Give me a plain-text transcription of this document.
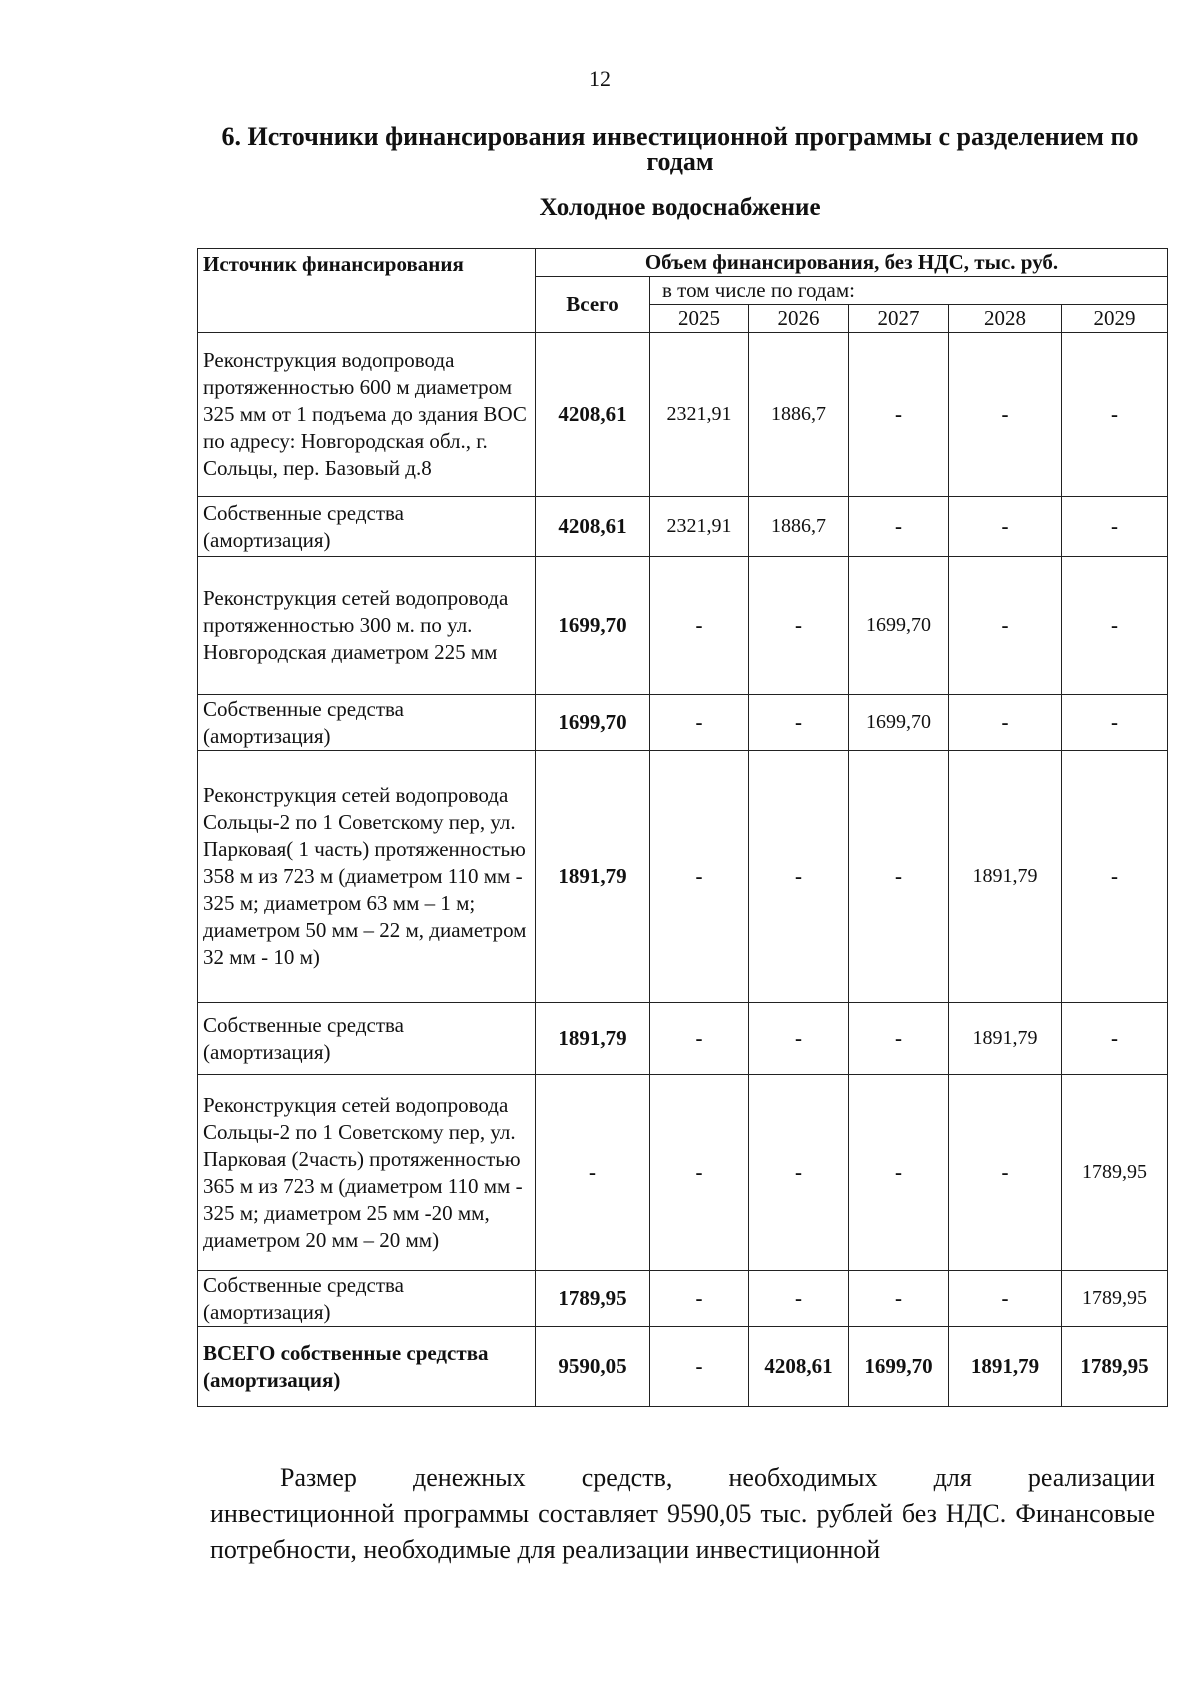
12
6. Источники финансирования инвестиционной программы с разделением по годам
Холодное водоснабжение
Источник финансирования	Объем финансирования, без НДС, тыс. руб.					
	Всего	в том числе по годам:				
		2025	2026	2027	2028	2029
Реконструкция водопровода протяженностью 600 м диаметром 325 мм от 1 подъема до здания ВОС по адресу: Новгородская обл., г. Сольцы, пер. Базовый д.8	4208,61	2321,91	1886,7	-	-	-
Собственные средства (амортизация)	4208,61	2321,91	1886,7	-	-	-
Реконструкция сетей водопровода протяженностью 300 м. по ул. Новгородская диаметром 225 мм	1699,70	-	-	1699,70	-	-
Собственные средства (амортизация)	1699,70	-	-	1699,70	-	-
Реконструкция сетей водопровода Сольцы-2 по 1 Советскому пер, ул. Парковая( 1 часть) протяженностью 358 м из 723 м (диаметром 110 мм - 325 м; диаметром 63 мм – 1 м; диаметром 50 мм – 22 м, диаметром 32 мм - 10 м)	1891,79	-	-	-	1891,79	-
Собственные средства (амортизация)	1891,79	-	-	-	1891,79	-
Реконструкция сетей водопровода Сольцы-2 по 1 Советскому пер, ул. Парковая (2часть) протяженностью 365 м из 723 м (диаметром 110 мм - 325 м; диаметром 25 мм -20 мм, диаметром 20 мм – 20 мм)	-	-	-	-	-	1789,95
Собственные средства (амортизация)	1789,95	-	-	-	-	1789,95
ВСЕГО собственные средства (амортизация)	9590,05	-	4208,61	1699,70	1891,79	1789,95
Размер денежных средств, необходимых для реализации
инвестиционной программы составляет 9590,05 тыс. рублей без НДС. Финансовые потребности, необходимые для реализации инвестиционной
